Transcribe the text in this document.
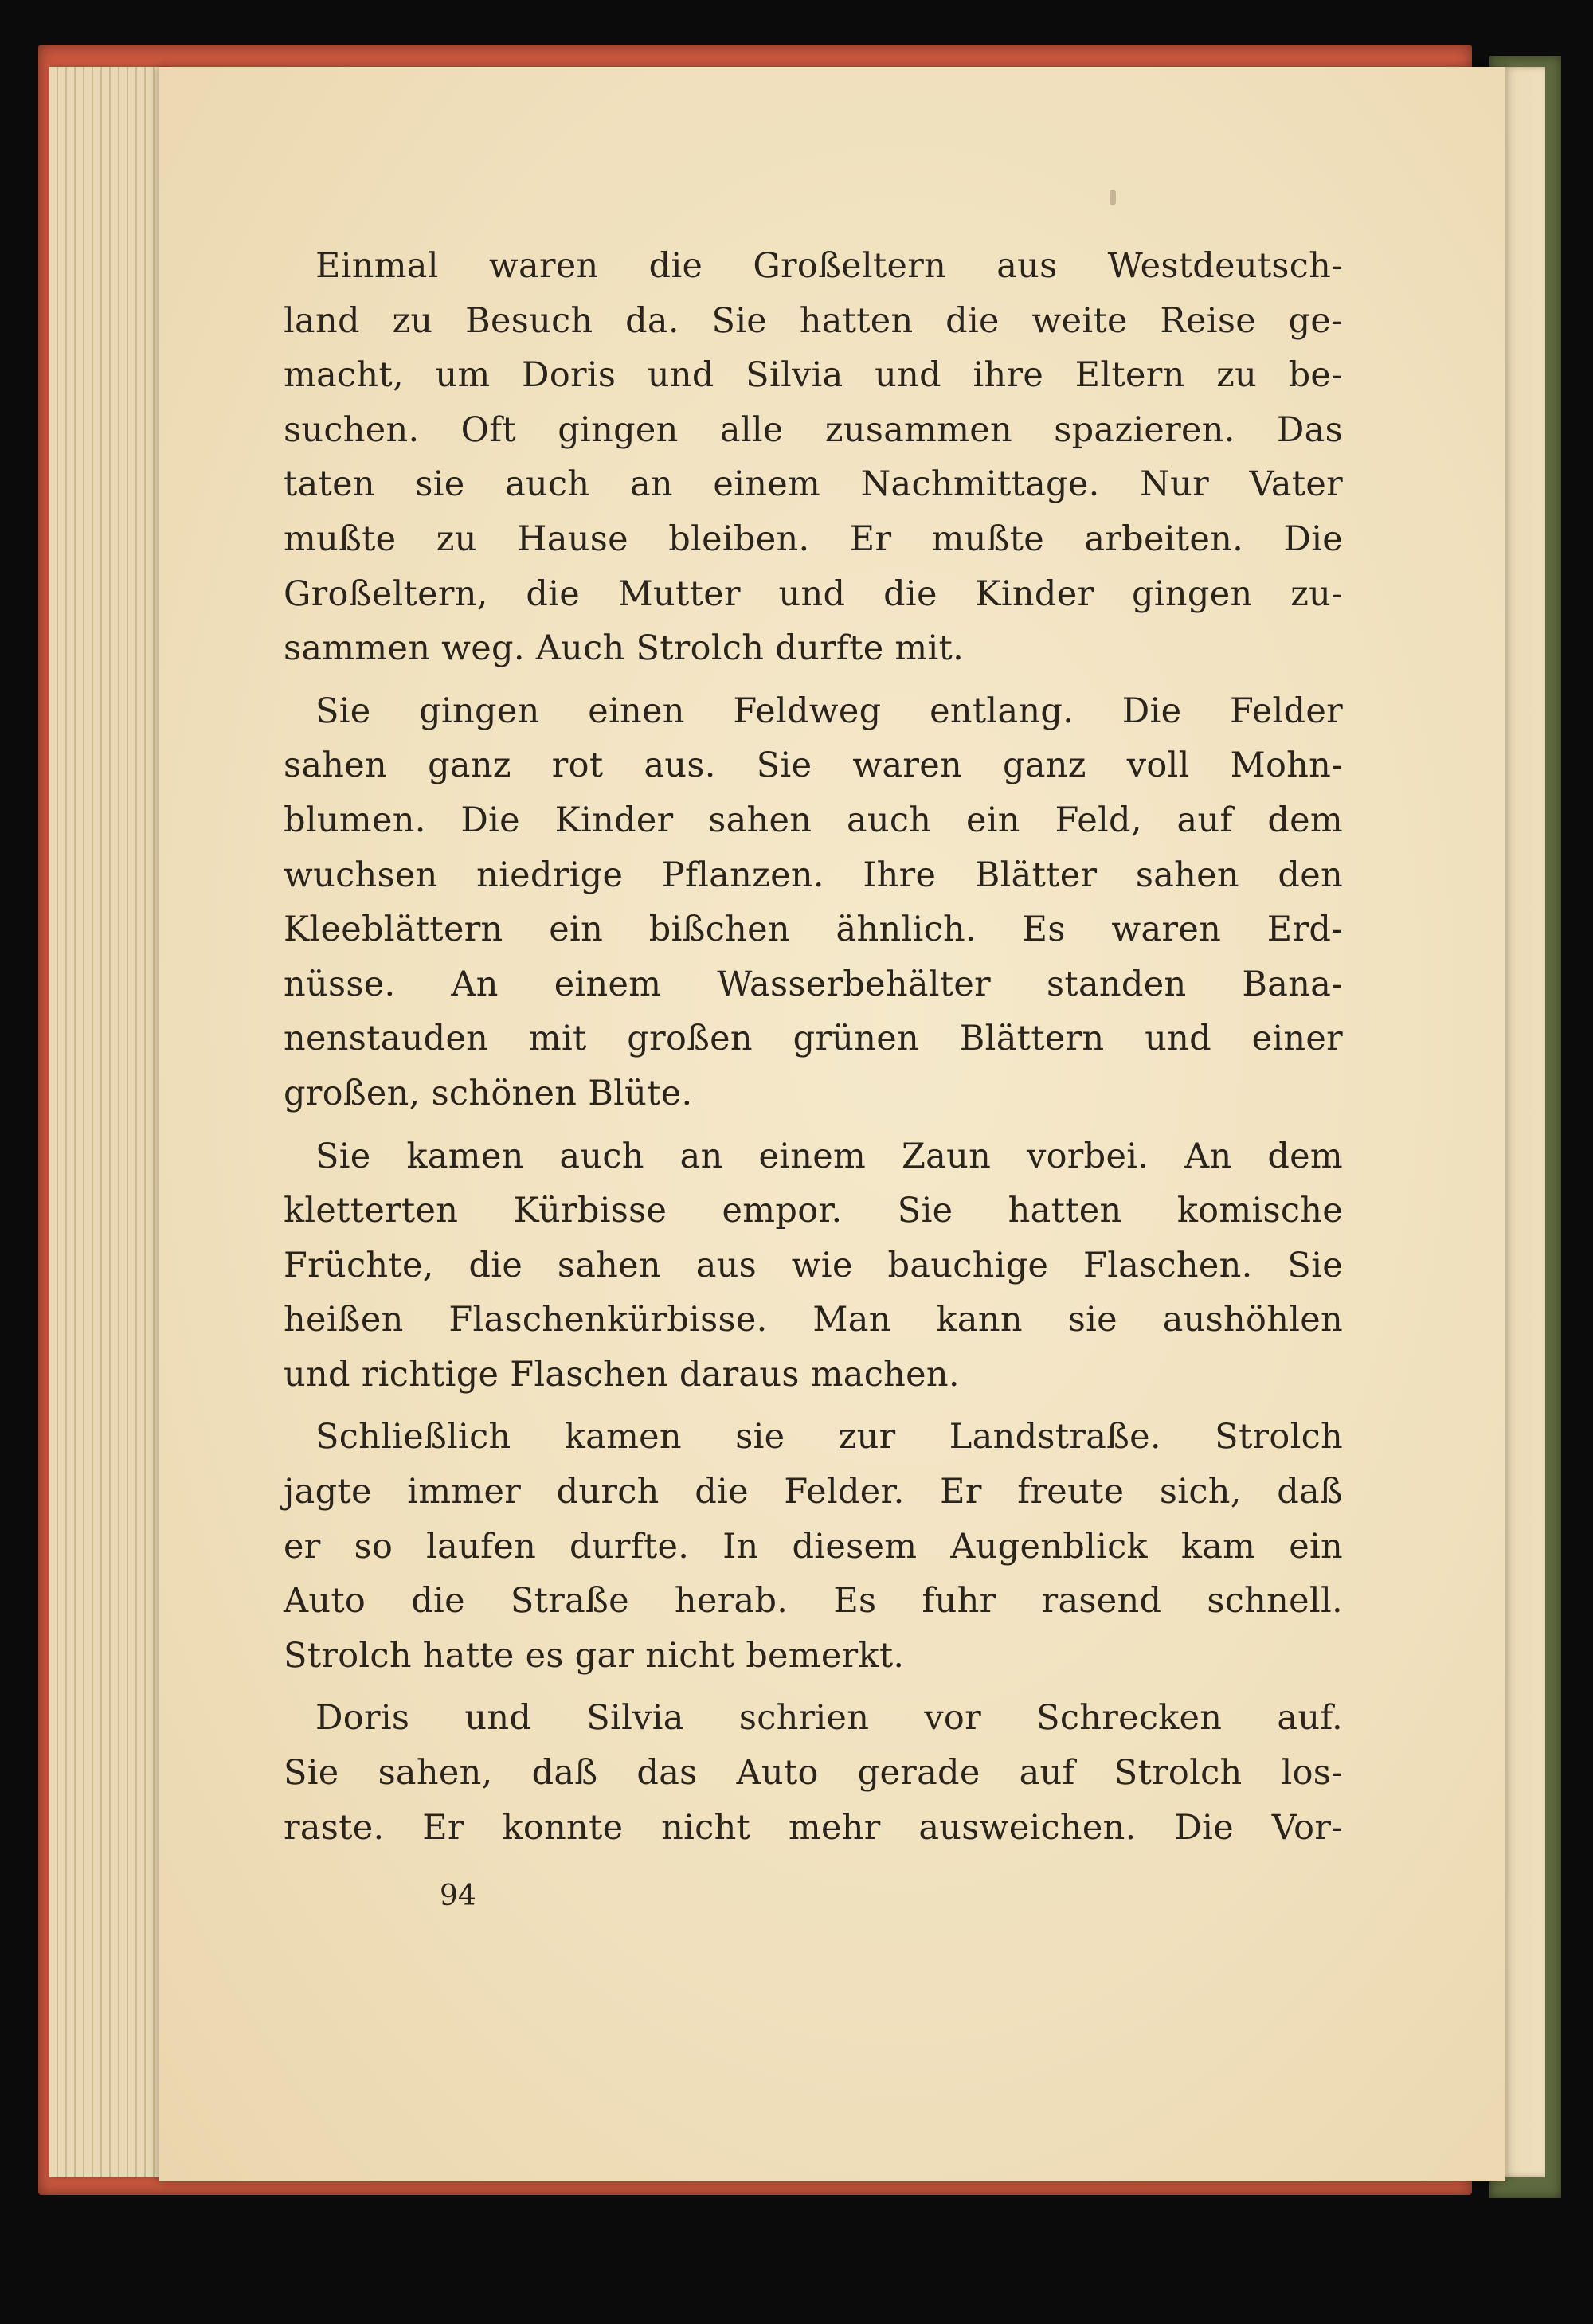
Einmal waren die Großeltern aus Westdeutsch-
land zu Besuch da. Sie hatten die weite Reise ge-
macht, um Doris und Silvia und ihre Eltern zu be-
suchen. Oft gingen alle zusammen spazieren. Das
taten sie auch an einem Nachmittage. Nur Vater
mußte zu Hause bleiben. Er mußte arbeiten. Die
Großeltern, die Mutter und die Kinder gingen zu-
sammen weg. Auch Strolch durfte mit.
Sie gingen einen Feldweg entlang. Die Felder
sahen ganz rot aus. Sie waren ganz voll Mohn-
blumen. Die Kinder sahen auch ein Feld, auf dem
wuchsen niedrige Pflanzen. Ihre Blätter sahen den
Kleeblättern ein bißchen ähnlich. Es waren Erd-
nüsse. An einem Wasserbehälter standen Bana-
nenstauden mit großen grünen Blättern und einer
großen, schönen Blüte.
Sie kamen auch an einem Zaun vorbei. An dem
kletterten Kürbisse empor. Sie hatten komische
Früchte, die sahen aus wie bauchige Flaschen. Sie
heißen Flaschenkürbisse. Man kann sie aushöhlen
und richtige Flaschen daraus machen.
Schließlich kamen sie zur Landstraße. Strolch
jagte immer durch die Felder. Er freute sich, daß
er so laufen durfte. In diesem Augenblick kam ein
Auto die Straße herab. Es fuhr rasend schnell.
Strolch hatte es gar nicht bemerkt.
Doris und Silvia schrien vor Schrecken auf.
Sie sahen, daß das Auto gerade auf Strolch los-
raste. Er konnte nicht mehr ausweichen. Die Vor-
94
